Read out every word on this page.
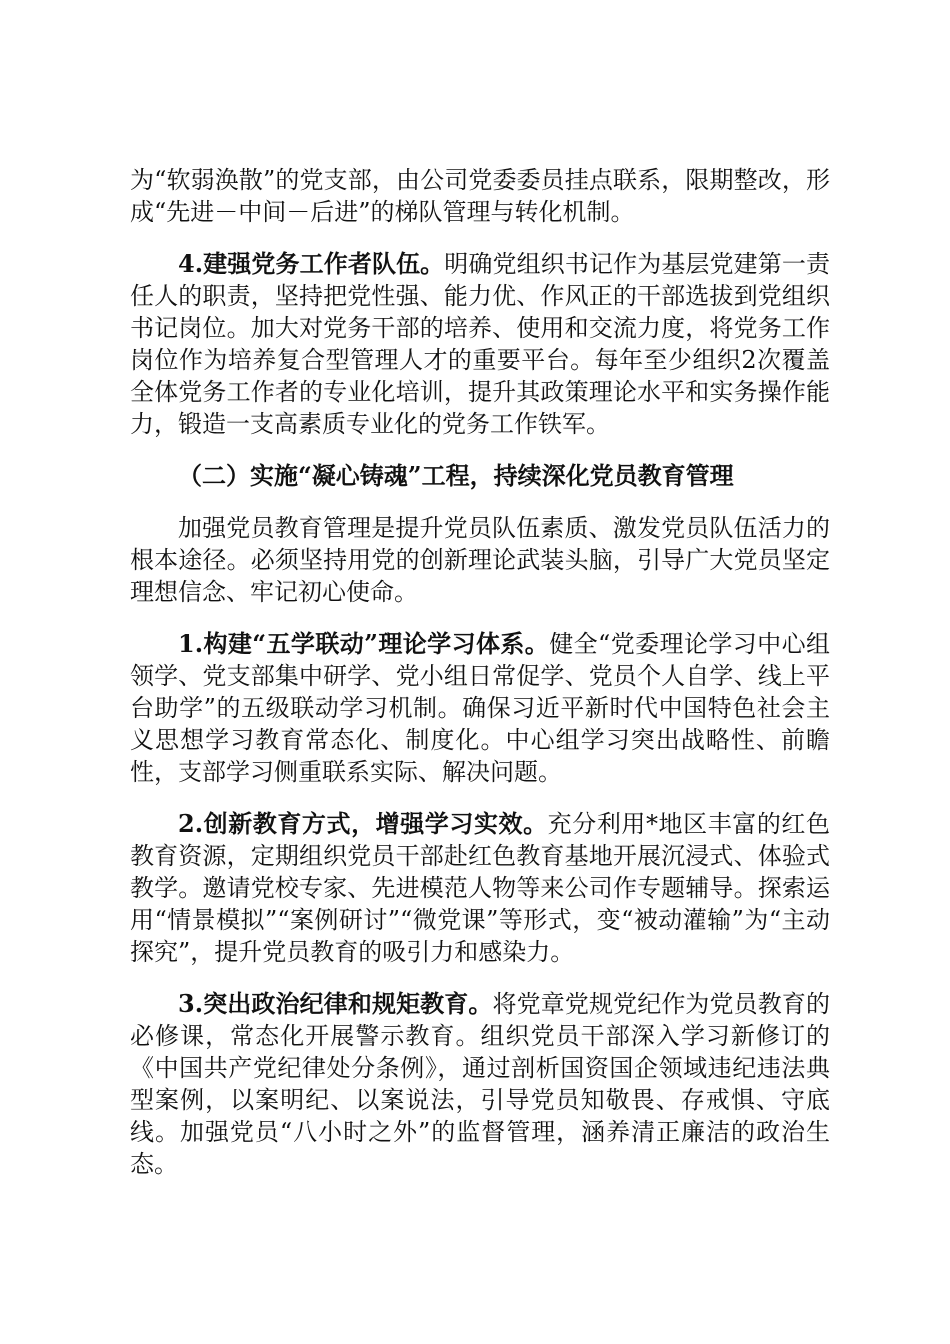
为“软弱涣散”的党支部，由公司党委委员挂点联系，限期整改，形成“先进－中间－后进”的梯队管理与转化机制。

4.建强党务工作者队伍。明确党组织书记作为基层党建第一责任人的职责，坚持把党性强、能力优、作风正的干部选拔到党组织书记岗位。加大对党务干部的培养、使用和交流力度，将党务工作岗位作为培养复合型管理人才的重要平台。每年至少组织2次覆盖全体党务工作者的专业化培训，提升其政策理论水平和实务操作能力，锻造一支高素质专业化的党务工作铁军。

（二）实施“凝心铸魂”工程，持续深化党员教育管理

加强党员教育管理是提升党员队伍素质、激发党员队伍活力的根本途径。必须坚持用党的创新理论武装头脑，引导广大党员坚定理想信念、牢记初心使命。

1.构建“五学联动”理论学习体系。健全“党委理论学习中心组领学、党支部集中研学、党小组日常促学、党员个人自学、线上平台助学”的五级联动学习机制。确保习近平新时代中国特色社会主义思想学习教育常态化、制度化。中心组学习突出战略性、前瞻性，支部学习侧重联系实际、解决问题。

2.创新教育方式，增强学习实效。充分利用*地区丰富的红色教育资源，定期组织党员干部赴红色教育基地开展沉浸式、体验式教学。邀请党校专家、先进模范人物等来公司作专题辅导。探索运用“情景模拟”“案例研讨”“微党课”等形式，变“被动灌输”为“主动探究”，提升党员教育的吸引力和感染力。

3.突出政治纪律和规矩教育。将党章党规党纪作为党员教育的必修课，常态化开展警示教育。组织党员干部深入学习新修订的《中国共产党纪律处分条例》，通过剖析国资国企领域违纪违法典型案例，以案明纪、以案说法，引导党员知敬畏、存戒惧、守底线。加强党员“八小时之外”的监督管理，涵养清正廉洁的政治生态。
